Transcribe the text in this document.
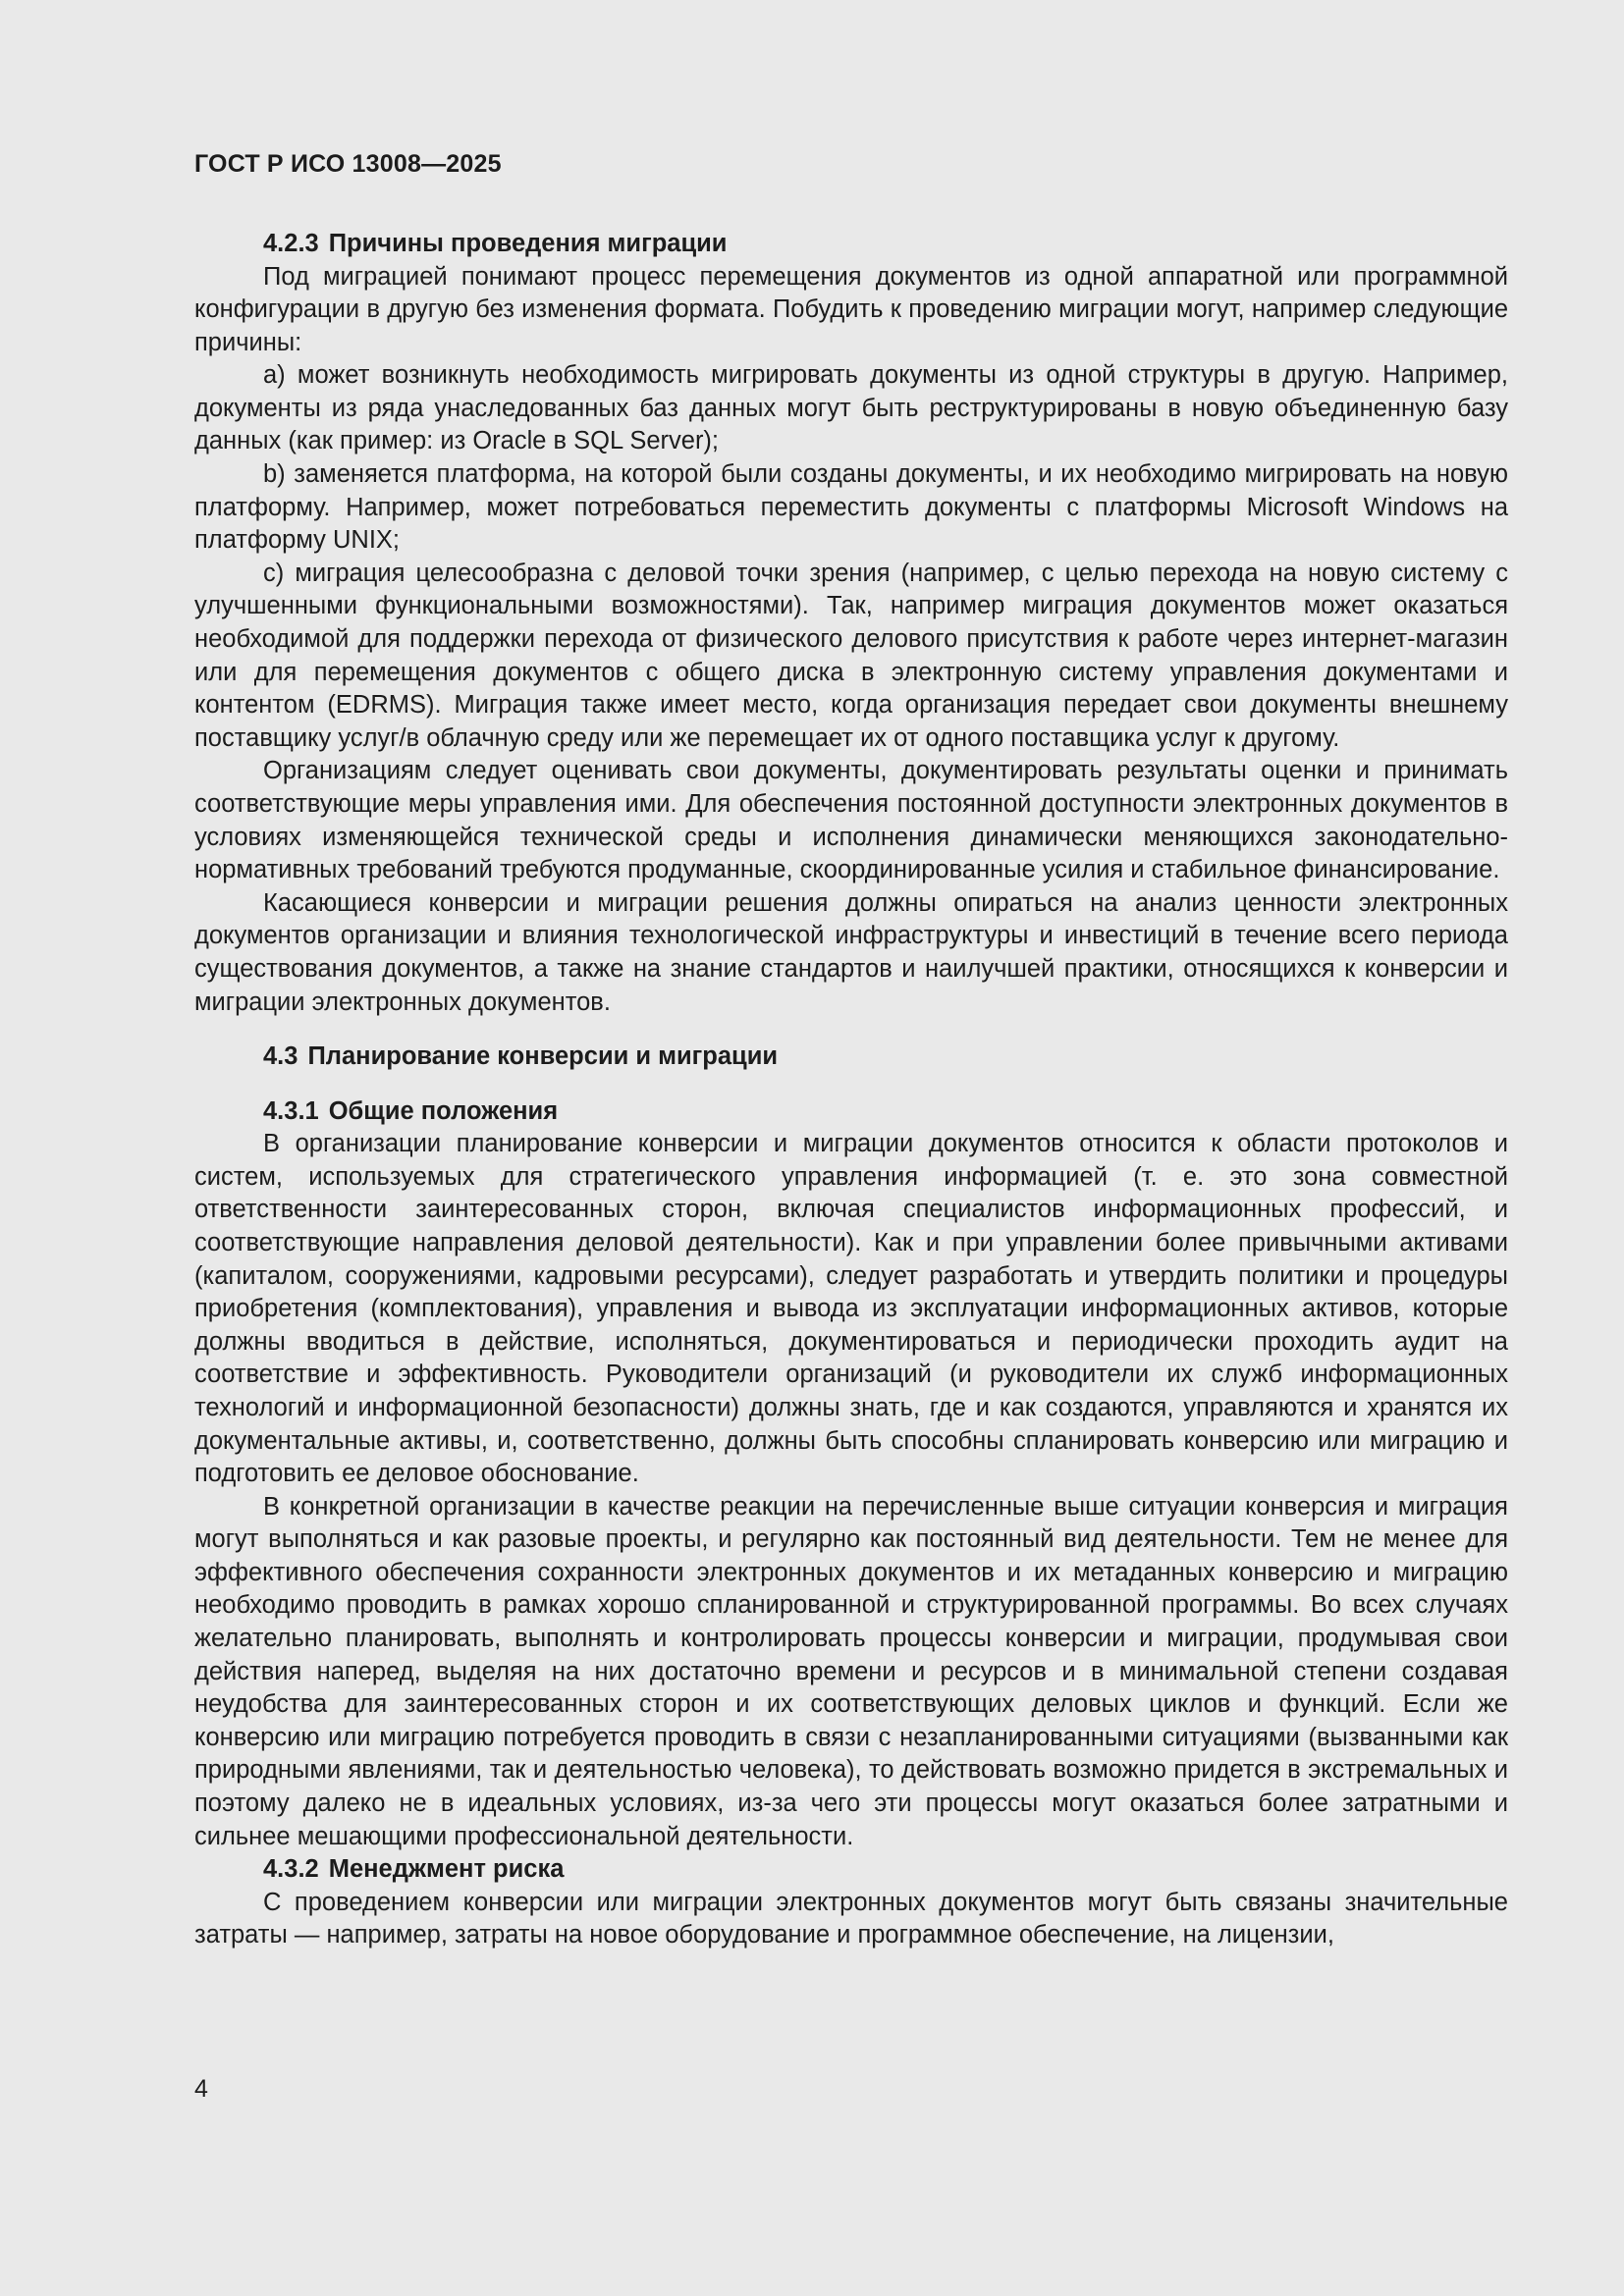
ГОСТ Р ИСО 13008—2025
4.2.3 Причины проведения миграции

Под миграцией понимают процесс перемещения документов из одной аппаратной или программной конфигурации в другую без изменения формата. Побудить к проведению миграции могут, например следующие причины:

a) может возникнуть необходимость мигрировать документы из одной структуры в другую. Например, документы из ряда унаследованных баз данных могут быть реструктурированы в новую объединенную базу данных (как пример: из Oracle в SQL Server);

b) заменяется платформа, на которой были созданы документы, и их необходимо мигрировать на новую платформу. Например, может потребоваться переместить документы с платформы Microsoft Windows на платформу UNIX;

c) миграция целесообразна с деловой точки зрения (например, с целью перехода на новую систему с улучшенными функциональными возможностями). Так, например миграция документов может оказаться необходимой для поддержки перехода от физического делового присутствия к работе через интернет-магазин или для перемещения документов с общего диска в электронную систему управления документами и контентом (EDRMS). Миграция также имеет место, когда организация передает свои документы внешнему поставщику услуг/в облачную среду или же перемещает их от одного поставщика услуг к другому.

Организациям следует оценивать свои документы, документировать результаты оценки и принимать соответствующие меры управления ими. Для обеспечения постоянной доступности электронных документов в условиях изменяющейся технической среды и исполнения динамически меняющихся законодательно-нормативных требований требуются продуманные, скоординированные усилия и стабильное финансирование.

Касающиеся конверсии и миграции решения должны опираться на анализ ценности электронных документов организации и влияния технологической инфраструктуры и инвестиций в течение всего периода существования документов, а также на знание стандартов и наилучшей практики, относящихся к конверсии и миграции электронных документов.

4.3 Планирование конверсии и миграции
4.3.1 Общие положения

В организации планирование конверсии и миграции документов относится к области протоколов и систем, используемых для стратегического управления информацией (т. е. это зона совместной ответственности заинтересованных сторон, включая специалистов информационных профессий, и соответствующие направления деловой деятельности). Как и при управлении более привычными активами (капиталом, сооружениями, кадровыми ресурсами), следует разработать и утвердить политики и процедуры приобретения (комплектования), управления и вывода из эксплуатации информационных активов, которые должны вводиться в действие, исполняться, документироваться и периодически проходить аудит на соответствие и эффективность. Руководители организаций (и руководители их служб информационных технологий и информационной безопасности) должны знать, где и как создаются, управляются и хранятся их документальные активы, и, соответственно, должны быть способны спланировать конверсию или миграцию и подготовить ее деловое обоснование.

В конкретной организации в качестве реакции на перечисленные выше ситуации конверсия и миграция могут выполняться и как разовые проекты, и регулярно как постоянный вид деятельности. Тем не менее для эффективного обеспечения сохранности электронных документов и их метаданных конверсию и миграцию необходимо проводить в рамках хорошо спланированной и структурированной программы. Во всех случаях желательно планировать, выполнять и контролировать процессы конверсии и миграции, продумывая свои действия наперед, выделяя на них достаточно времени и ресурсов и в минимальной степени создавая неудобства для заинтересованных сторон и их соответствующих деловых циклов и функций. Если же конверсию или миграцию потребуется проводить в связи с незапланированными ситуациями (вызванными как природными явлениями, так и деятельностью человека), то действовать возможно придется в экстремальных и поэтому далеко не в идеальных условиях, из-за чего эти процессы могут оказаться более затратными и сильнее мешающими профессиональной деятельности.

4.3.2 Менеджмент риска

С проведением конверсии или миграции электронных документов могут быть связаны значительные затраты — например, затраты на новое оборудование и программное обеспечение, на лицензии,

4
